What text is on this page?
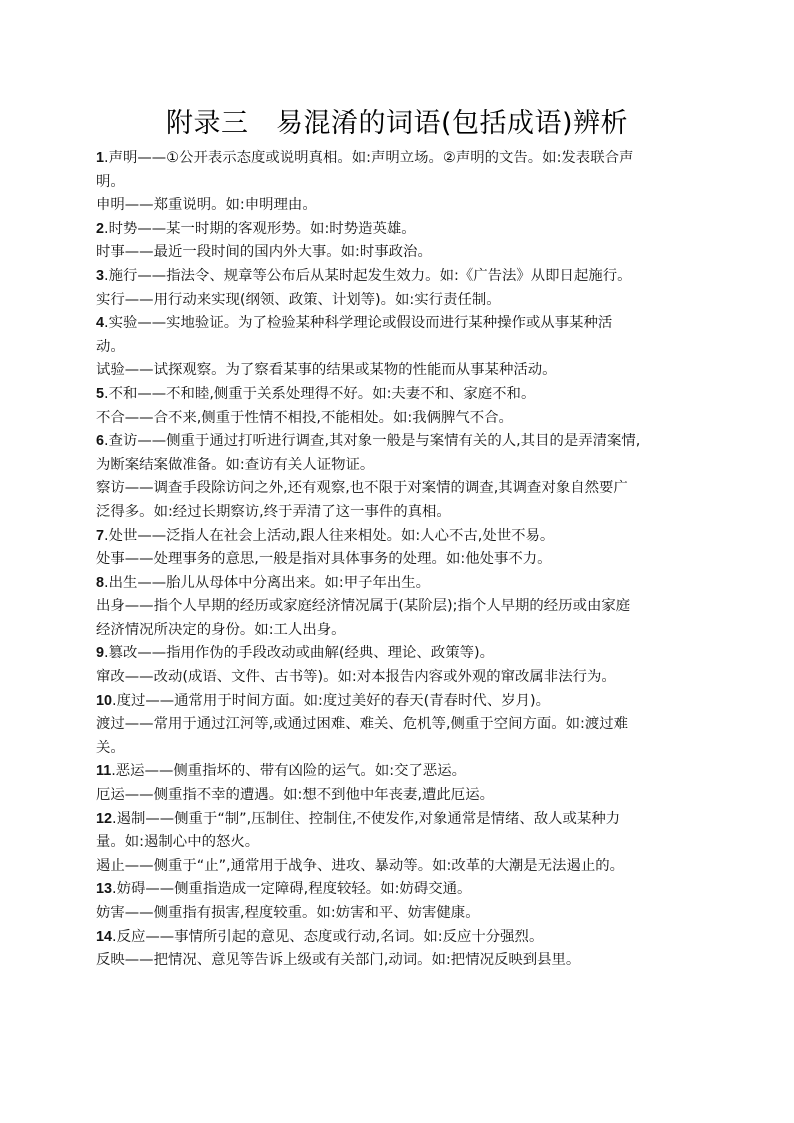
附录三　易混淆的词语(包括成语)辨析
1.声明——①公开表示态度或说明真相。如:声明立场。②声明的文告。如:发表联合声
明。
申明——郑重说明。如:申明理由。
2.时势——某一时期的客观形势。如:时势造英雄。
时事——最近一段时间的国内外大事。如:时事政治。
3.施行——指法令、规章等公布后从某时起发生效力。如:《广告法》从即日起施行。
实行——用行动来实现(纲领、政策、计划等)。如:实行责任制。
4.实验——实地验证。为了检验某种科学理论或假设而进行某种操作或从事某种活
动。
试验——试探观察。为了察看某事的结果或某物的性能而从事某种活动。
5.不和——不和睦,侧重于关系处理得不好。如:夫妻不和、家庭不和。
不合——合不来,侧重于性情不相投,不能相处。如:我俩脾气不合。
6.查访——侧重于通过打听进行调查,其对象一般是与案情有关的人,其目的是弄清案情,
为断案结案做准备。如:查访有关人证物证。
察访——调查手段除访问之外,还有观察,也不限于对案情的调查,其调查对象自然要广
泛得多。如:经过长期察访,终于弄清了这一事件的真相。
7.处世——泛指人在社会上活动,跟人往来相处。如:人心不古,处世不易。
处事——处理事务的意思,一般是指对具体事务的处理。如:他处事不力。
8.出生——胎儿从母体中分离出来。如:甲子年出生。
出身——指个人早期的经历或家庭经济情况属于(某阶层);指个人早期的经历或由家庭
经济情况所决定的身份。如:工人出身。
9.篡改——指用作伪的手段改动或曲解(经典、理论、政策等)。
窜改——改动(成语、文件、古书等)。如:对本报告内容或外观的窜改属非法行为。
10.度过——通常用于时间方面。如:度过美好的春天(青春时代、岁月)。
渡过——常用于通过江河等,或通过困难、难关、危机等,侧重于空间方面。如:渡过难
关。
11.恶运——侧重指坏的、带有凶险的运气。如:交了恶运。
厄运——侧重指不幸的遭遇。如:想不到他中年丧妻,遭此厄运。
12.遏制——侧重于“制”,压制住、控制住,不使发作,对象通常是情绪、敌人或某种力
量。如:遏制心中的怒火。
遏止——侧重于“止”,通常用于战争、进攻、暴动等。如:改革的大潮是无法遏止的。
13.妨碍——侧重指造成一定障碍,程度较轻。如:妨碍交通。
妨害——侧重指有损害,程度较重。如:妨害和平、妨害健康。
14.反应——事情所引起的意见、态度或行动,名词。如:反应十分强烈。
反映——把情况、意见等告诉上级或有关部门,动词。如:把情况反映到县里。
